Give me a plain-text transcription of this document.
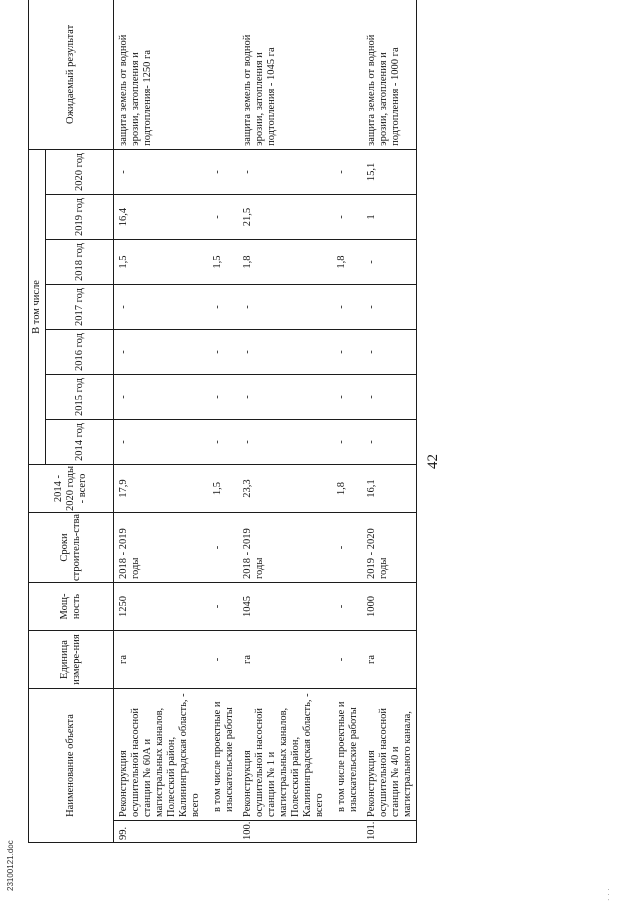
23100121.doc
. . .
42
Наименование объекта		Единица измере-ния	Мощ-ность	Сроки строитель-ства	2014 - 2020 годы - всего	В том числе							Ожидаемый результат
						2014 год	2015 год	2016 год	2017 год	2018 год	2019 год	2020 год	
99.	Реконструкция осушительной насосной станции № 60А и магистральных каналов, Полесский район, Калининградская область, - всего	га	1250	2018 - 2019 годы	17,9	-	-	-	-	1,5	16,4	-	защита земель от водной эрозии, затопления и подтопления- 1250 га
	в том числе проектные и изыскательские работы	-	-	-	1,5	-	-	-	-	1,5	-	-	
100.	Реконструкция осушительной насосной станции № 1 и магистральных каналов, Полесский район, Калининградская область, - всего	га	1045	2018 - 2019 годы	23,3	-	-	-	-	1,8	21,5	-	защита земель от водной эрозии, затопления и подтопления - 1045 га
	в том числе проектные и изыскательские работы	-	-	-	1,8	-	-	-	-	1,8	-	-	
101.	Реконструкция осушительной насосной станции № 40 и магистрального канала,	га	1000	2019 - 2020 годы	16,1	-	-	-	-	-	1	15,1	защита земель от водной эрозии, затопления и подтопления - 1000 га
